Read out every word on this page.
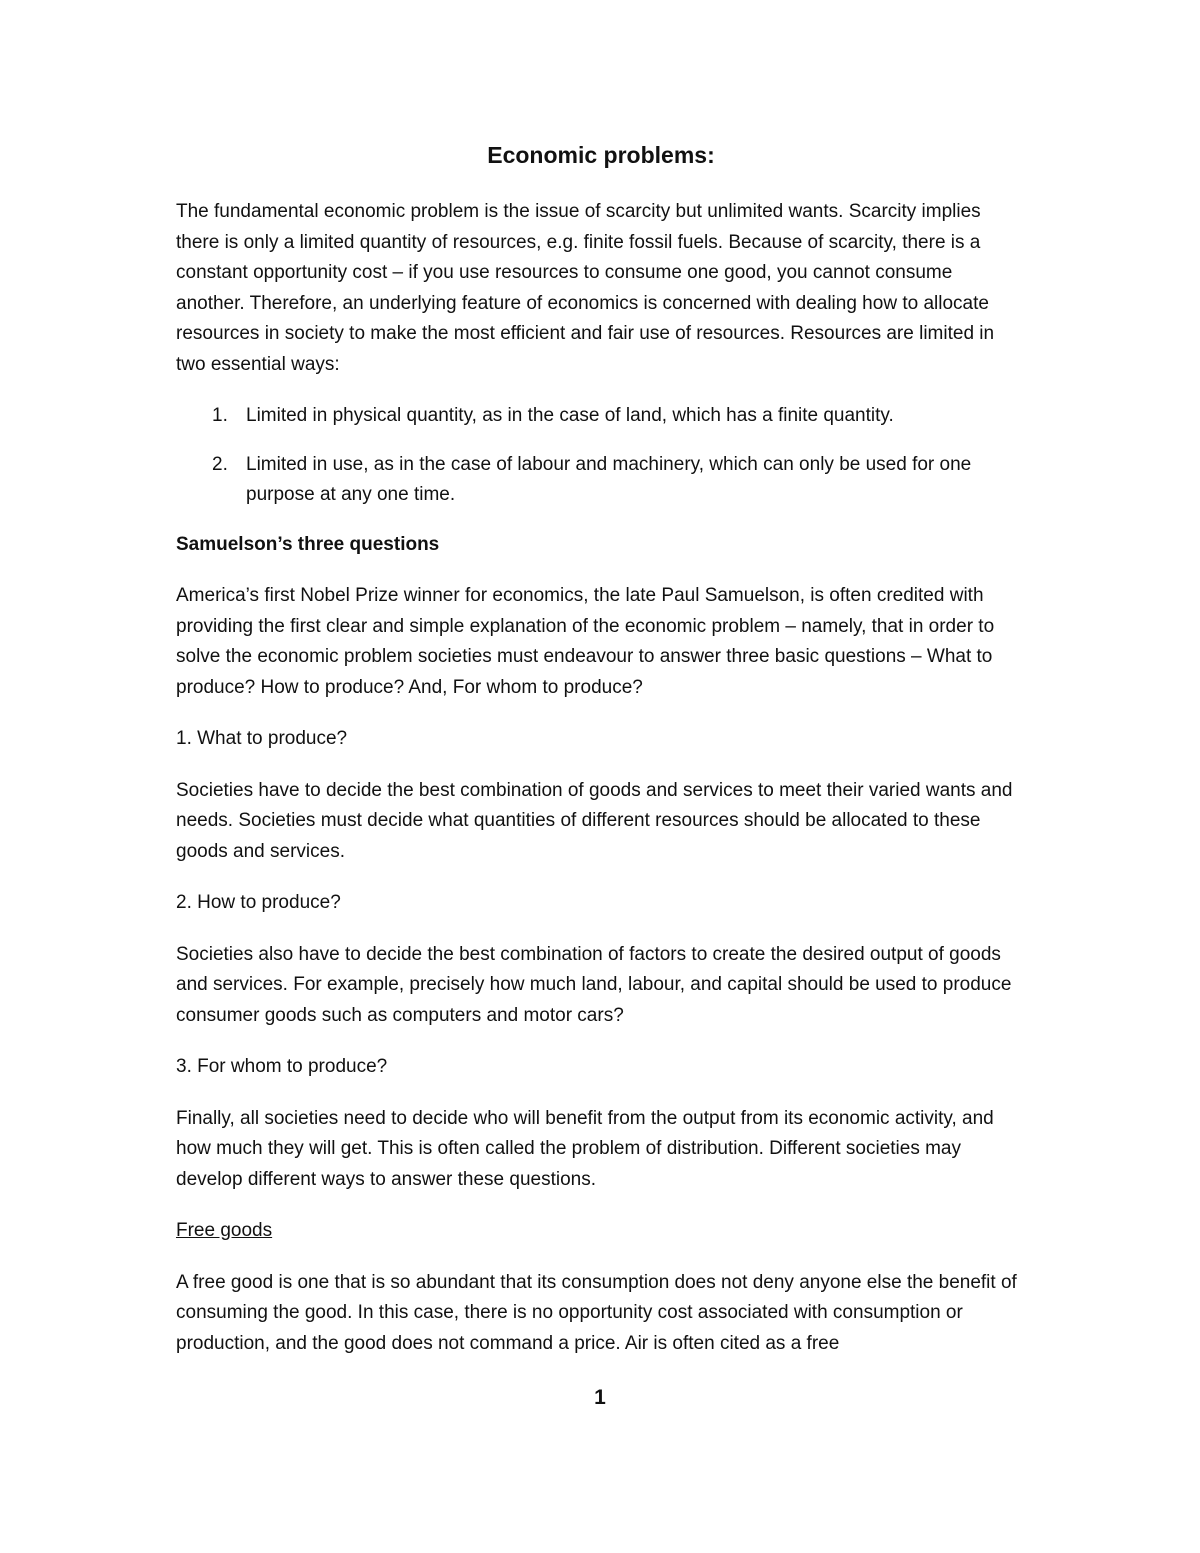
Economic problems:

The fundamental economic problem is the issue of scarcity but unlimited wants. Scarcity implies there is only a limited quantity of resources, e.g. finite fossil fuels. Because of scarcity, there is a constant opportunity cost – if you use resources to consume one good, you cannot consume another. Therefore, an underlying feature of economics is concerned with dealing how to allocate resources in society to make the most efficient and fair use of resources. Resources are limited in two essential ways:

1. Limited in physical quantity, as in the case of land, which has a finite quantity.
2. Limited in use, as in the case of labour and machinery, which can only be used for one purpose at any one time.

Samuelson’s three questions

America’s first Nobel Prize winner for economics, the late Paul Samuelson, is often credited with providing the first clear and simple explanation of the economic problem – namely, that in order to solve the economic problem societies must endeavour to answer three basic questions – What to produce? How to produce? And, For whom to produce?

1. What to produce?

Societies have to decide the best combination of goods and services to meet their varied wants and needs. Societies must decide what quantities of different resources should be allocated to these goods and services.

2. How to produce?

Societies also have to decide the best combination of factors to create the desired output of goods and services. For example, precisely how much land, labour, and capital should be used to produce consumer goods such as computers and motor cars?

3. For whom to produce?

Finally, all societies need to decide who will benefit from the output from its economic activity, and how much they will get. This is often called the problem of distribution. Different societies may develop different ways to answer these questions.

Free goods

A free good is one that is so abundant that its consumption does not deny anyone else the benefit of consuming the good. In this case, there is no opportunity cost associated with consumption or production, and the good does not command a price. Air is often cited as a free

1
